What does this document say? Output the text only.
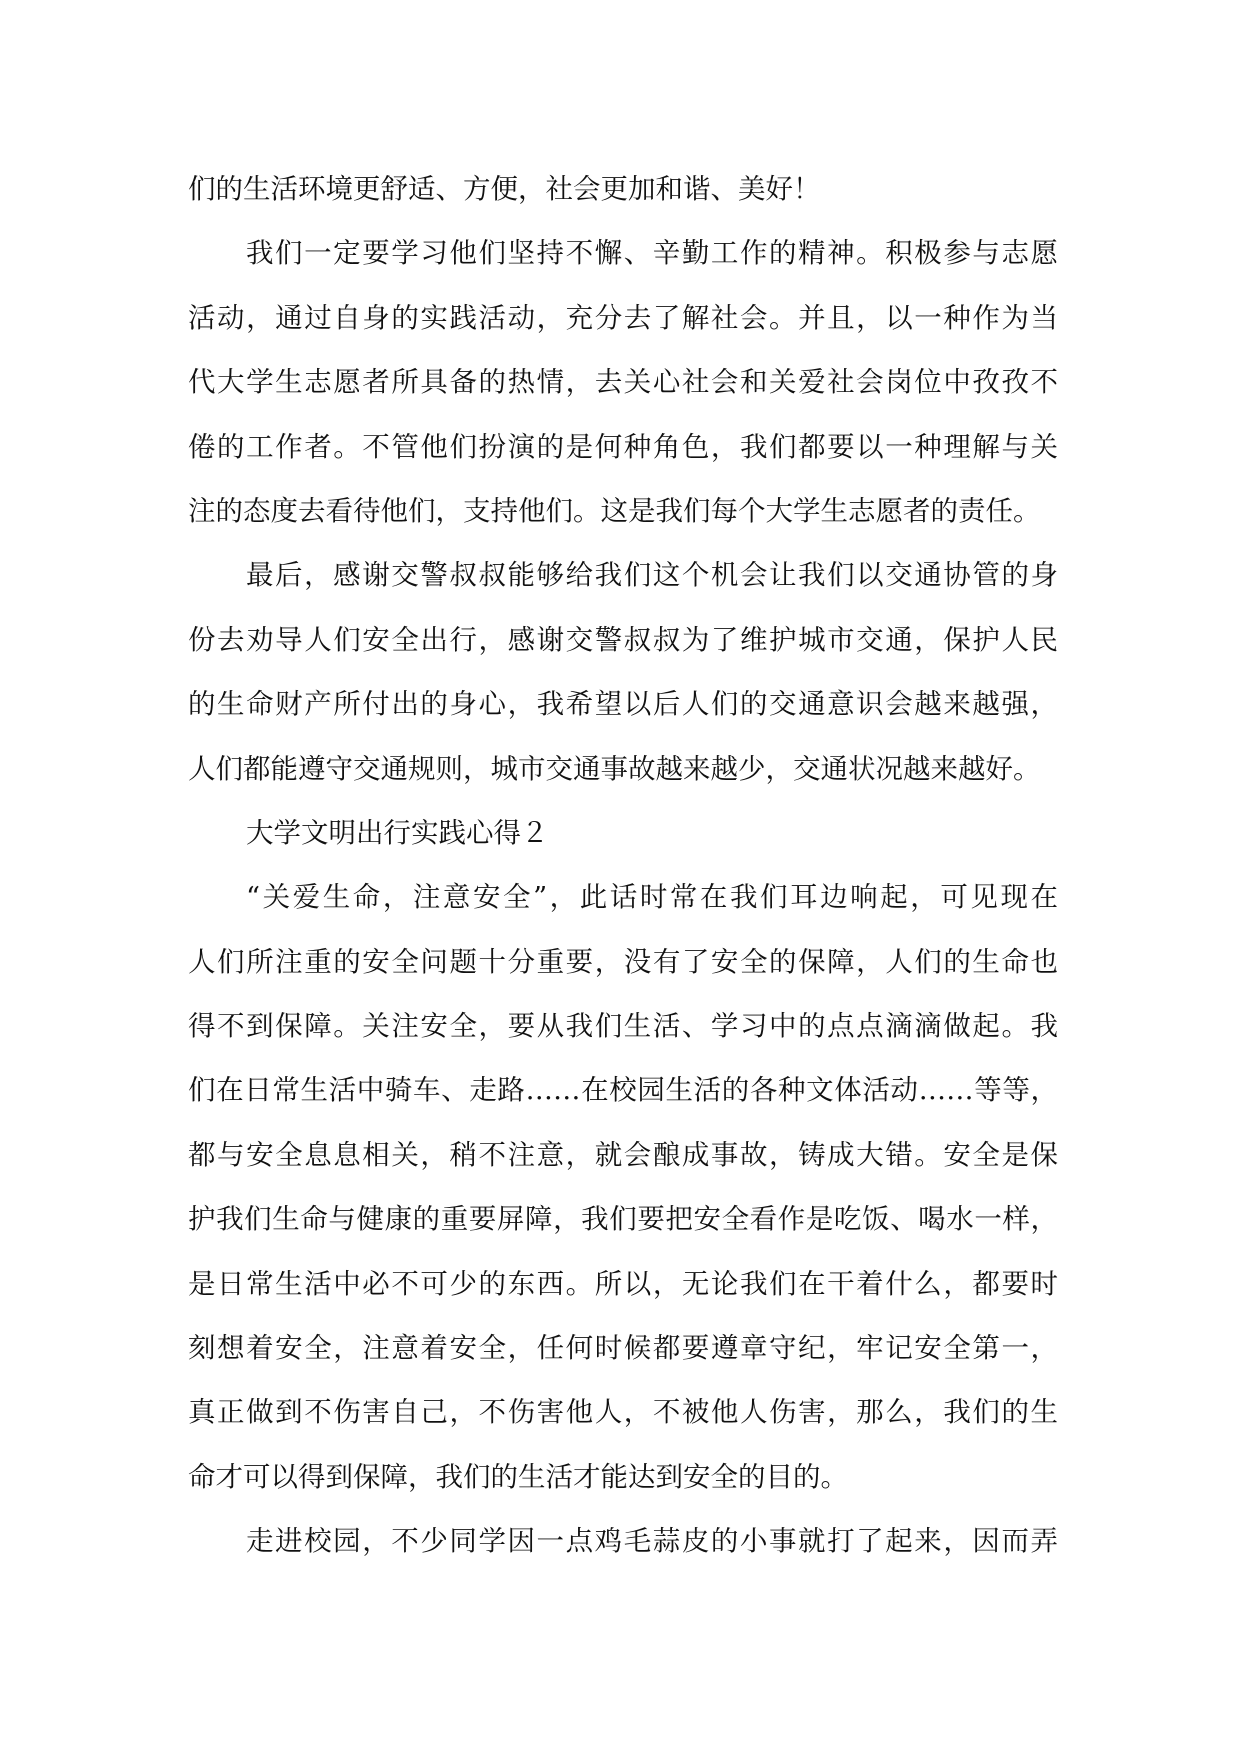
们的生活环境更舒适、方便，社会更加和谐、美好！
我们一定要学习他们坚持不懈、辛勤工作的精神。积极参与志愿
活动，通过自身的实践活动，充分去了解社会。并且，以一种作为当
代大学生志愿者所具备的热情，去关心社会和关爱社会岗位中孜孜不
倦的工作者。不管他们扮演的是何种角色，我们都要以一种理解与关
注的态度去看待他们，支持他们。这是我们每个大学生志愿者的责任。
最后，感谢交警叔叔能够给我们这个机会让我们以交通协管的身
份去劝导人们安全出行，感谢交警叔叔为了维护城市交通，保护人民
的生命财产所付出的身心，我希望以后人们的交通意识会越来越强，
人们都能遵守交通规则，城市交通事故越来越少，交通状况越来越好。
大学文明出行实践心得２
“关爱生命，注意安全”，此话时常在我们耳边响起，可见现在
人们所注重的安全问题十分重要，没有了安全的保障，人们的生命也
得不到保障。关注安全，要从我们生活、学习中的点点滴滴做起。我
们在日常生活中骑车、走路……在校园生活的各种文体活动……等等，
都与安全息息相关，稍不注意，就会酿成事故，铸成大错。安全是保
护我们生命与健康的重要屏障，我们要把安全看作是吃饭、喝水一样，
是日常生活中必不可少的东西。所以，无论我们在干着什么，都要时
刻想着安全，注意着安全，任何时候都要遵章守纪，牢记安全第一，
真正做到不伤害自己，不伤害他人，不被他人伤害，那么，我们的生
命才可以得到保障，我们的生活才能达到安全的目的。
走进校园，不少同学因一点鸡毛蒜皮的小事就打了起来，因而弄
